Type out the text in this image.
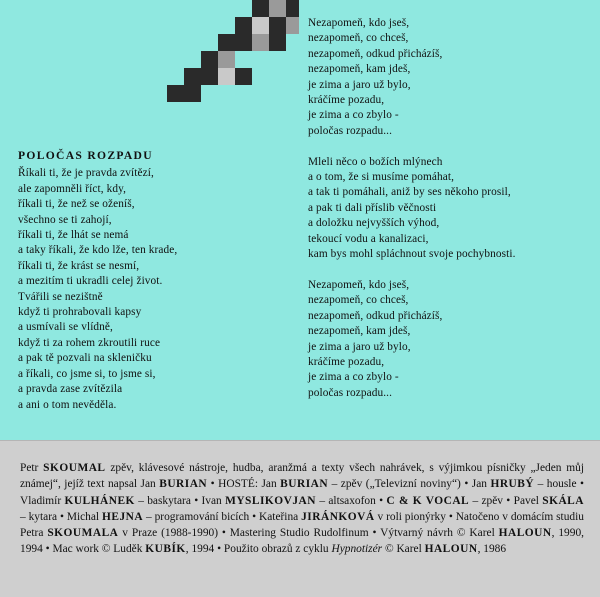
POLOČAS ROZPADU
Říkali ti, že je pravda zvítězí,
ale zapomněli říct, kdy,
říkali ti, že než se oženíš,
všechno se ti zahojí,
říkali ti, že lhát se nemá
a taky říkali, že kdo lže, ten krade,
říkali ti, že krást se nesmí,
a mezitím ti ukradli celej život.
Tvářili se nezištně
když ti prohrabovali kapsy
a usmívali se vlídně,
když ti za rohem zkroutili ruce
a pak tě pozvali na skleničku
a říkali, co jsme si, to jsme si,
a pravda zase zvítězila
a ani o tom nevěděla.
Nezapomeň, kdo jseš,
nezapomeň, co chceš,
nezapomeň, odkud přicházíš,
nezapomeň, kam jdeš,
je zima a jaro už bylo,
kráčíme pozadu,
je zima a co zbylo -
poločas rozpadu...
Mleli něco o božích mlýnech
a o tom, že si musíme pomáhat,
a tak ti pomáhali, aniž by ses někoho prosil,
a pak ti dali příslib věčnosti
a doložku nejvyšších výhod,
tekoucí vodu a kanalizaci,
kam bys mohl spláchnout svoje pochybnosti.
Nezapomeň, kdo jseš,
nezapomeň, co chceš,
nezapomeň, odkud přicházíš,
nezapomeň, kam jdeš,
je zima a jaro už bylo,
kráčíme pozadu,
je zima a co zbylo -
poločas rozpadu...
Petr SKOUMAL zpěv, klávesové nástroje, hudba, aranžmá a texty všech nahrávek, s výjimkou písničky „Jeden můj známej“, jejíž text napsal Jan BURIAN • HOSTÉ: Jan BURIAN – zpěv („Televizní noviny“) • Jan HRUBÝ – housle • Vladimír KULHÁNEK – baskytara • Ivan MYSLIKOVJAN – altsaxofon • C & K VOCAL – zpěv • Pavel SKÁLA – kytara • Michal HEJNA – programování bicích • Kateřina JIRÁNKOVÁ v roli pionýrky • Natočeno v domácím studiu Petra SKOUMALA v Praze (1988-1990) • Mastering Studio Rudolfinum • Výtvarný návrh © Karel HALOUN, 1990, 1994 • Mac work © Luděk KUBÍK, 1994 • Použito obrazů z cyklu Hypnotizér © Karel HALOUN, 1986
